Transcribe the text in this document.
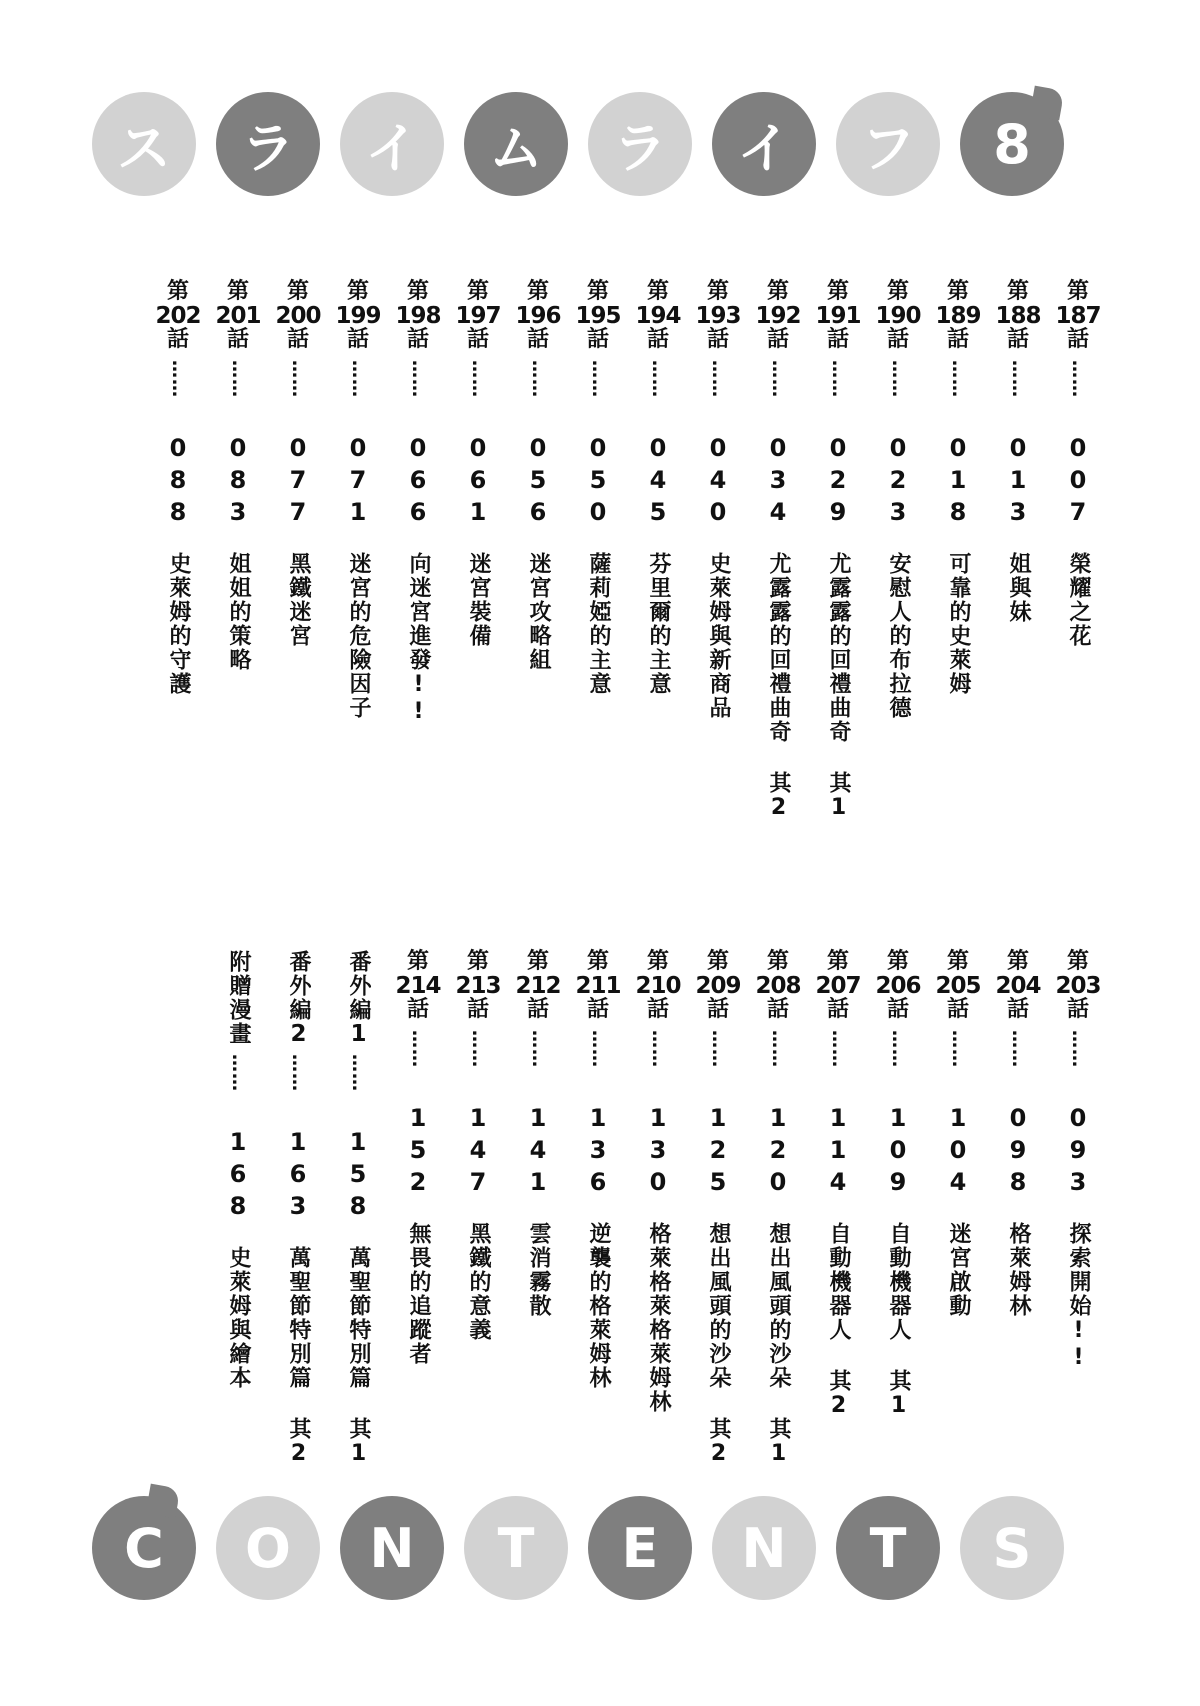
ス	ラ	イ	ム	ラ	イ	フ	8
第
187
話
……
007
榮耀之花
第
188
話
……
013
姐與妹
第
189
話
……
018
可靠的史萊姆
第
190
話
……
023
安慰人的布拉德
第
191
話
……
029
尤露露的回禮曲奇 其1
第
192
話
……
034
尤露露的回禮曲奇 其2
第
193
話
……
040
史萊姆與新商品
第
194
話
……
045
芬里爾的主意
第
195
話
……
050
薩莉婭的主意
第
196
話
……
056
迷宮攻略組
第
197
話
……
061
迷宮裝備
第
198
話
……
066
向迷宮進發!!
第
199
話
……
071
迷宮的危險因子
第
200
話
……
077
黑鐵迷宮
第
201
話
……
083
姐姐的策略
第
202
話
……
088
史萊姆的守護
第
203
話
……
093
探索開始!!
第
204
話
……
098
格萊姆林
第
205
話
……
104
迷宮啟動
第
206
話
……
109
自動機器人 其1
第
207
話
……
114
自動機器人 其2
第
208
話
……
120
想出風頭的沙朵 其1
第
209
話
……
125
想出風頭的沙朵 其2
第
210
話
……
130
格萊格萊格萊姆林
第
211
話
……
136
逆襲的格萊姆林
第
212
話
……
141
雲消霧散
第
213
話
……
147
黑鐵的意義
第
214
話
……
152
無畏的追蹤者
番外編
1
……
158
萬聖節特別篇 其1
番外編
2
……
163
萬聖節特別篇 其2
附贈漫畫
……
168
史萊姆與繪本
C	O	N	T	E	N	T	S
